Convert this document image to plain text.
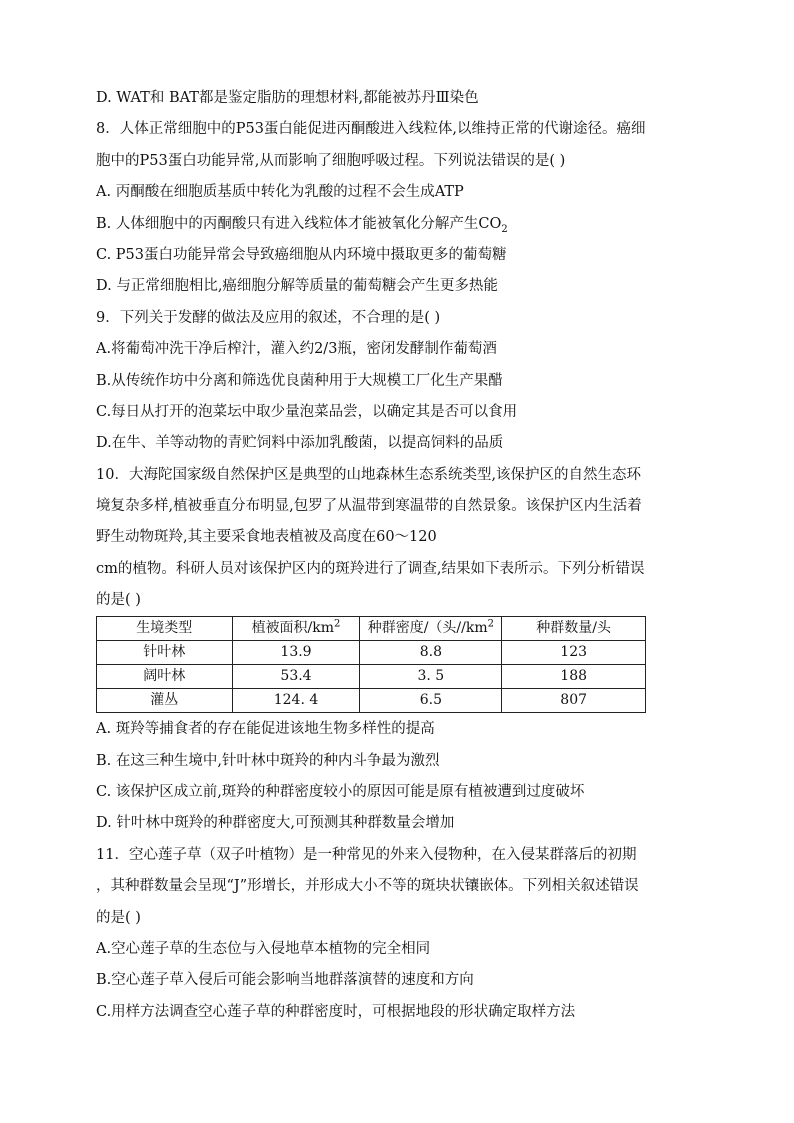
D. WAT和 BAT都是鉴定脂肪的理想材料,都能被苏丹Ⅲ染色
8．人体正常细胞中的P53蛋白能促进丙酮酸进入线粒体,以维持正常的代谢途径。癌细
胞中的P53蛋白功能异常,从而影响了细胞呼吸过程。下列说法错误的是( )
A. 丙酮酸在细胞质基质中转化为乳酸的过程不会生成ATP
B. 人体细胞中的丙酮酸只有进入线粒体才能被氧化分解产生$CO_2$
C. P53蛋白功能异常会导致癌细胞从内环境中摄取更多的葡萄糖
D. 与正常细胞相比,癌细胞分解等质量的葡萄糖会产生更多热能
9．下列关于发酵的做法及应用的叙述，不合理的是( )
A.将葡萄冲洗干净后榨汁，灌入约2/3瓶，密闭发酵制作葡萄酒
B.从传统作坊中分离和筛选优良菌种用于大规模工厂化生产果醋
C.每日从打开的泡菜坛中取少量泡菜品尝，以确定其是否可以食用
D.在牛、羊等动物的青贮饲料中添加乳酸菌，以提高饲料的品质
10．大海陀国家级自然保护区是典型的山地森林生态系统类型,该保护区的自然生态环
境复杂多样,植被垂直分布明显,包罗了从温带到寒温带的自然景象。该保护区内生活着
野生动物斑羚,其主要采食地表植被及高度在60～120
cm的植物。科研人员对该保护区内的斑羚进行了调查,结果如下表所示。下列分析错误
的是( )
生境类型	植被面积$/km^2$	种群密度/（头$//km^2$	种群数量/头
针叶林	13.9	8.8	123
阔叶林	53.4	3. 5	188
灌丛	124. 4	6.5	807
A. 斑羚等捕食者的存在能促进该地生物多样性的提高
B. 在这三种生境中,针叶林中斑羚的种内斗争最为激烈
C. 该保护区成立前,斑羚的种群密度较小的原因可能是原有植被遭到过度破坏
D. 针叶林中斑羚的种群密度大,可预测其种群数量会增加
11．空心莲子草（双子叶植物）是一种常见的外来入侵物种，在入侵某群落后的初期
，其种群数量会呈现“J”形增长，并形成大小不等的斑块状镶嵌体。下列相关叙述错误
的是( )
A.空心莲子草的生态位与入侵地草本植物的完全相同
B.空心莲子草入侵后可能会影响当地群落演替的速度和方向
C.用样方法调查空心莲子草的种群密度时，可根据地段的形状确定取样方法
